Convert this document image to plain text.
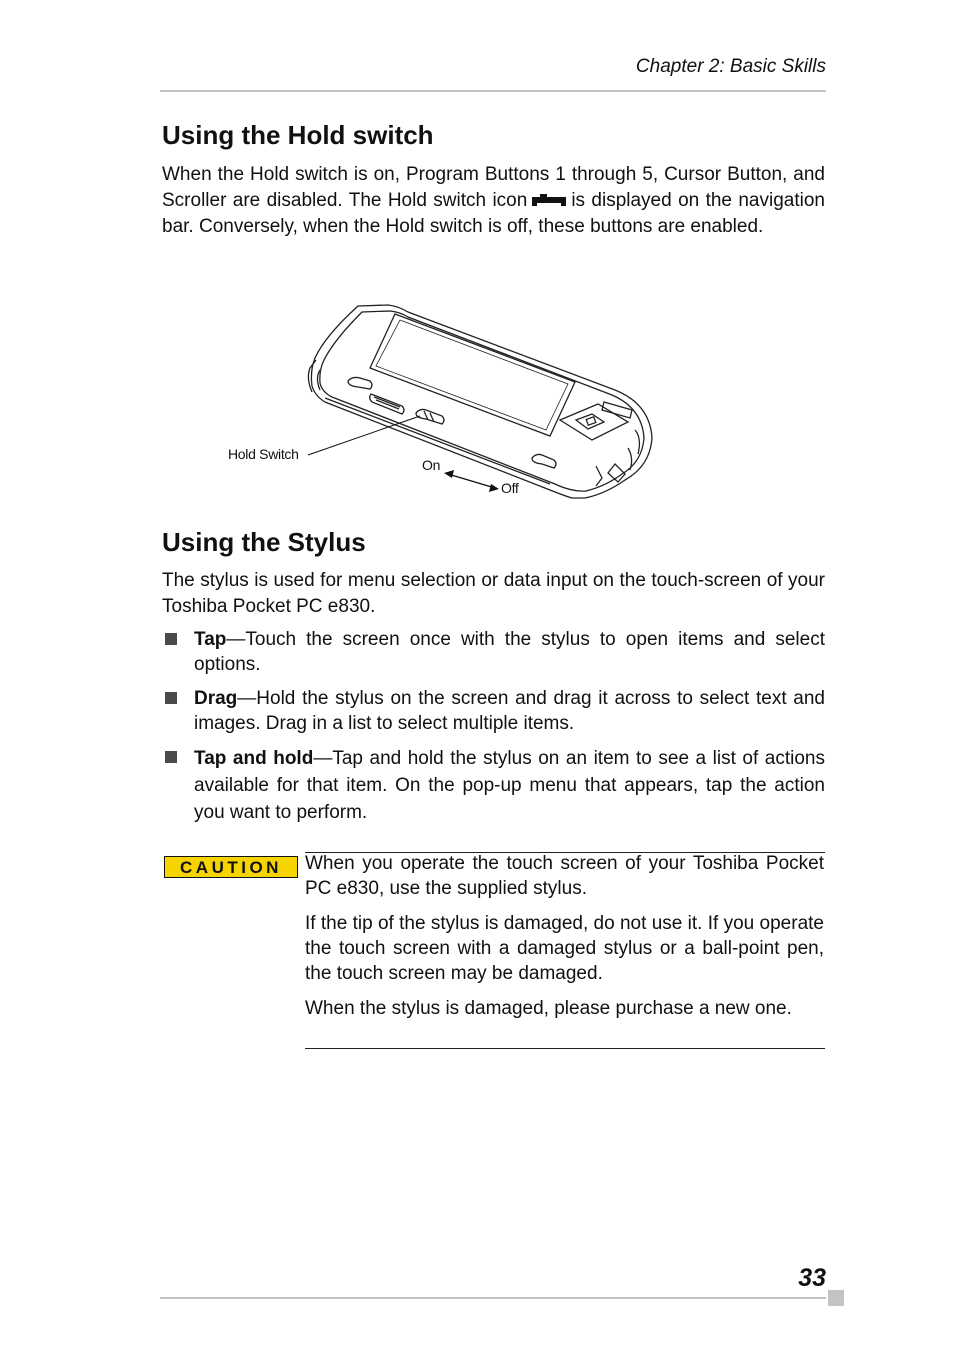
Chapter 2: Basic Skills
Using the Hold switch

When the Hold switch is on, Program Buttons 1 through 5, Cursor Button, and Scroller are disabled. The Hold switch icon is displayed on the navigation bar. Conversely, when the Hold switch is off, these buttons are enabled.

Hold Switch
On
Off
Using the Stylus

The stylus is used for menu selection or data input on the touch-screen of your Toshiba Pocket PC e830.

Tap—Touch the screen once with the stylus to open items and select options.
Drag—Hold the stylus on the screen and drag it across to select text and images. Drag in a list to select multiple items.
Tap and hold—Tap and hold the stylus on an item to see a list of actions available for that item. On the pop-up menu that appears, tap the action you want to perform.
CAUTION	When you operate the touch screen of your Toshiba Pocket PC e830, use the supplied stylus.

If the tip of the stylus is damaged, do not use it. If you operate the touch screen with a damaged stylus or a ball-point pen, the touch screen may be damaged.

When the stylus is damaged, please purchase a new one.

33
